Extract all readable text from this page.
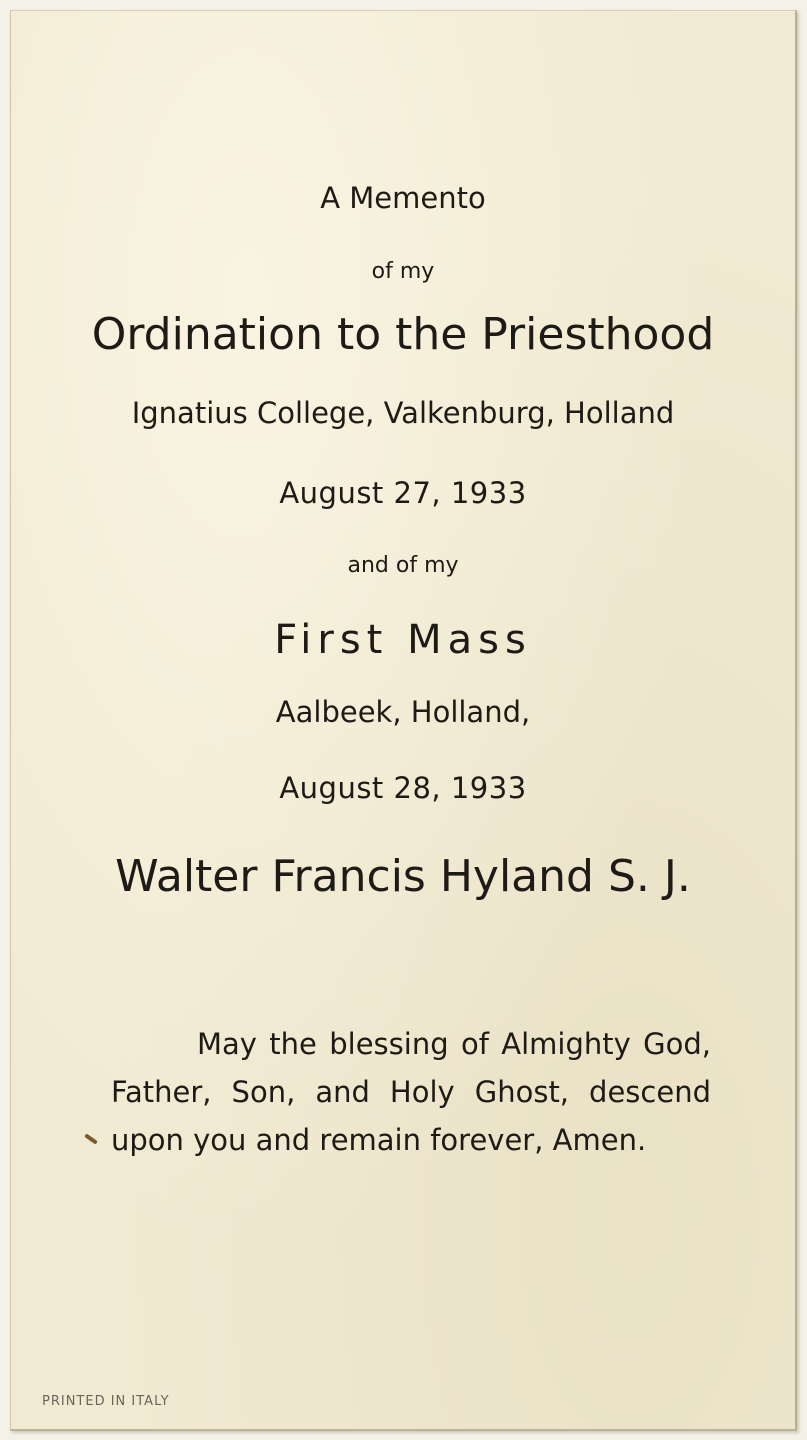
A Memento

of my

Ordination to the Priesthood

Ignatius College, Valkenburg, Holland

August 27, 1933

and of my

First Mass

Aalbeek, Holland,

August 28, 1933

Walter Francis Hyland S. J.

May the blessing of Almighty God, Father, Son, and Holy Ghost, descend upon you and remain forever, Amen.

PRINTED IN ITALY
